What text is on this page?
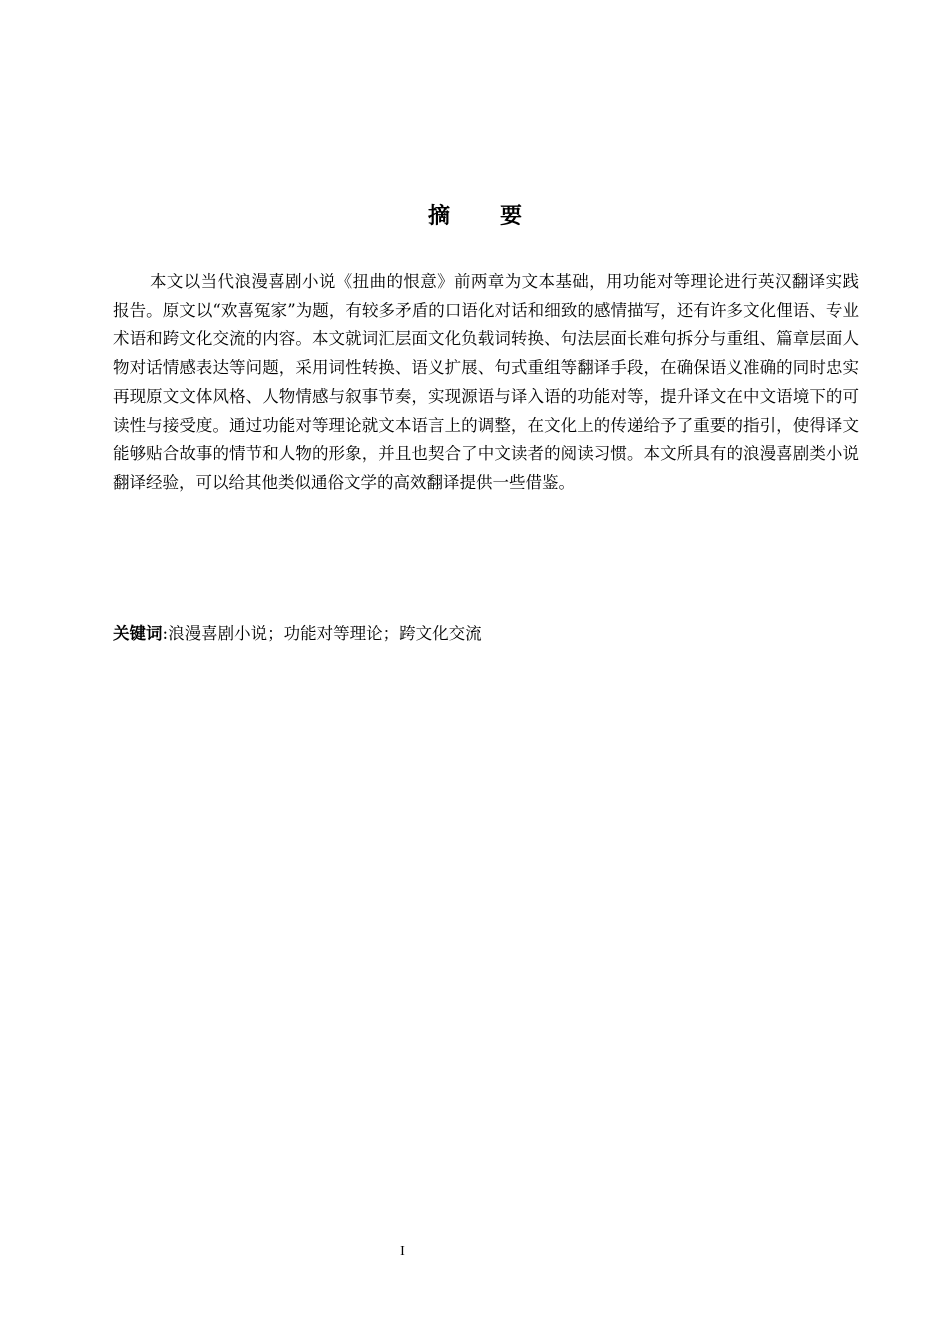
摘要

本文以当代浪漫喜剧小说《扭曲的恨意》前两章为文本基础，用功能对等理论进行英汉翻译实践报告。原文以“欢喜冤家”为题，有较多矛盾的口语化对话和细致的感情描写，还有许多文化俚语、专业术语和跨文化交流的内容。本文就词汇层面文化负载词转换、句法层面长难句拆分与重组、篇章层面人物对话情感表达等问题，采用词性转换、语义扩展、句式重组等翻译手段，在确保语义准确的同时忠实再现原文文体风格、人物情感与叙事节奏，实现源语与译入语的功能对等，提升译文在中文语境下的可读性与接受度。通过功能对等理论就文本语言上的调整，在文化上的传递给予了重要的指引，使得译文能够贴合故事的情节和人物的形象，并且也契合了中文读者的阅读习惯。本文所具有的浪漫喜剧类小说翻译经验，可以给其他类似通俗文学的高效翻译提供一些借鉴。

关键词:浪漫喜剧小说；功能对等理论；跨文化交流
I
